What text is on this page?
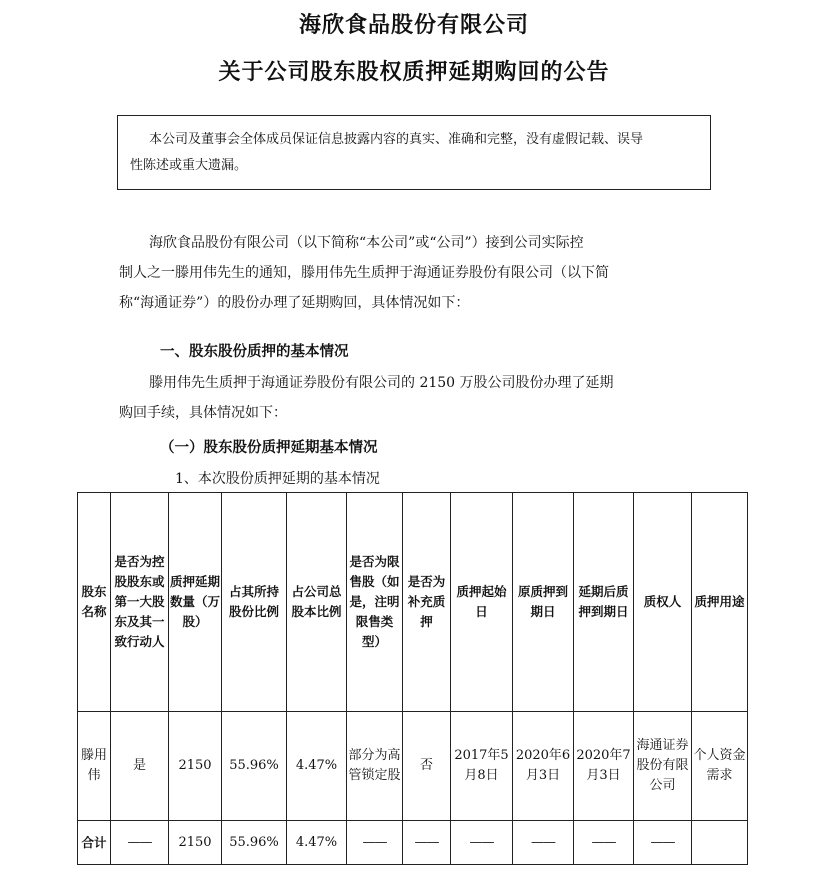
海欣食品股份有限公司
关于公司股东股权质押延期购回的公告
本公司及董事会全体成员保证信息披露内容的真实、准确和完整，没有虚假记载、误导
性陈述或重大遗漏。
海欣食品股份有限公司（以下简称“本公司”或“公司”）接到公司实际控
制人之一滕用伟先生的通知，滕用伟先生质押于海通证券股份有限公司（以下简
称“海通证券”）的股份办理了延期购回，具体情况如下：
一、股东股份质押的基本情况
滕用伟先生质押于海通证券股份有限公司的 2150 万股公司股份办理了延期
购回手续，具体情况如下：
（一）股东股份质押延期基本情况
1、本次股份质押延期的基本情况
股东名称	是否为控股股东或第一大股东及其一致行动人	质押延期数量（万股）	占其所持股份比例	占公司总股本比例	是否为限售股（如是，注明限售类型）	是否为补充质押	质押起始日	原质押到期日	延期后质押到期日	质权人	质押用途
滕用伟	是	2150	55.96%	4.47%	部分为高管锁定股	否	2017年5月8日	2020年6月3日	2020年7月3日	海通证券股份有限公司	个人资金需求
合计	——	2150	55.96%	4.47%	——	——	——	——	——	——	
